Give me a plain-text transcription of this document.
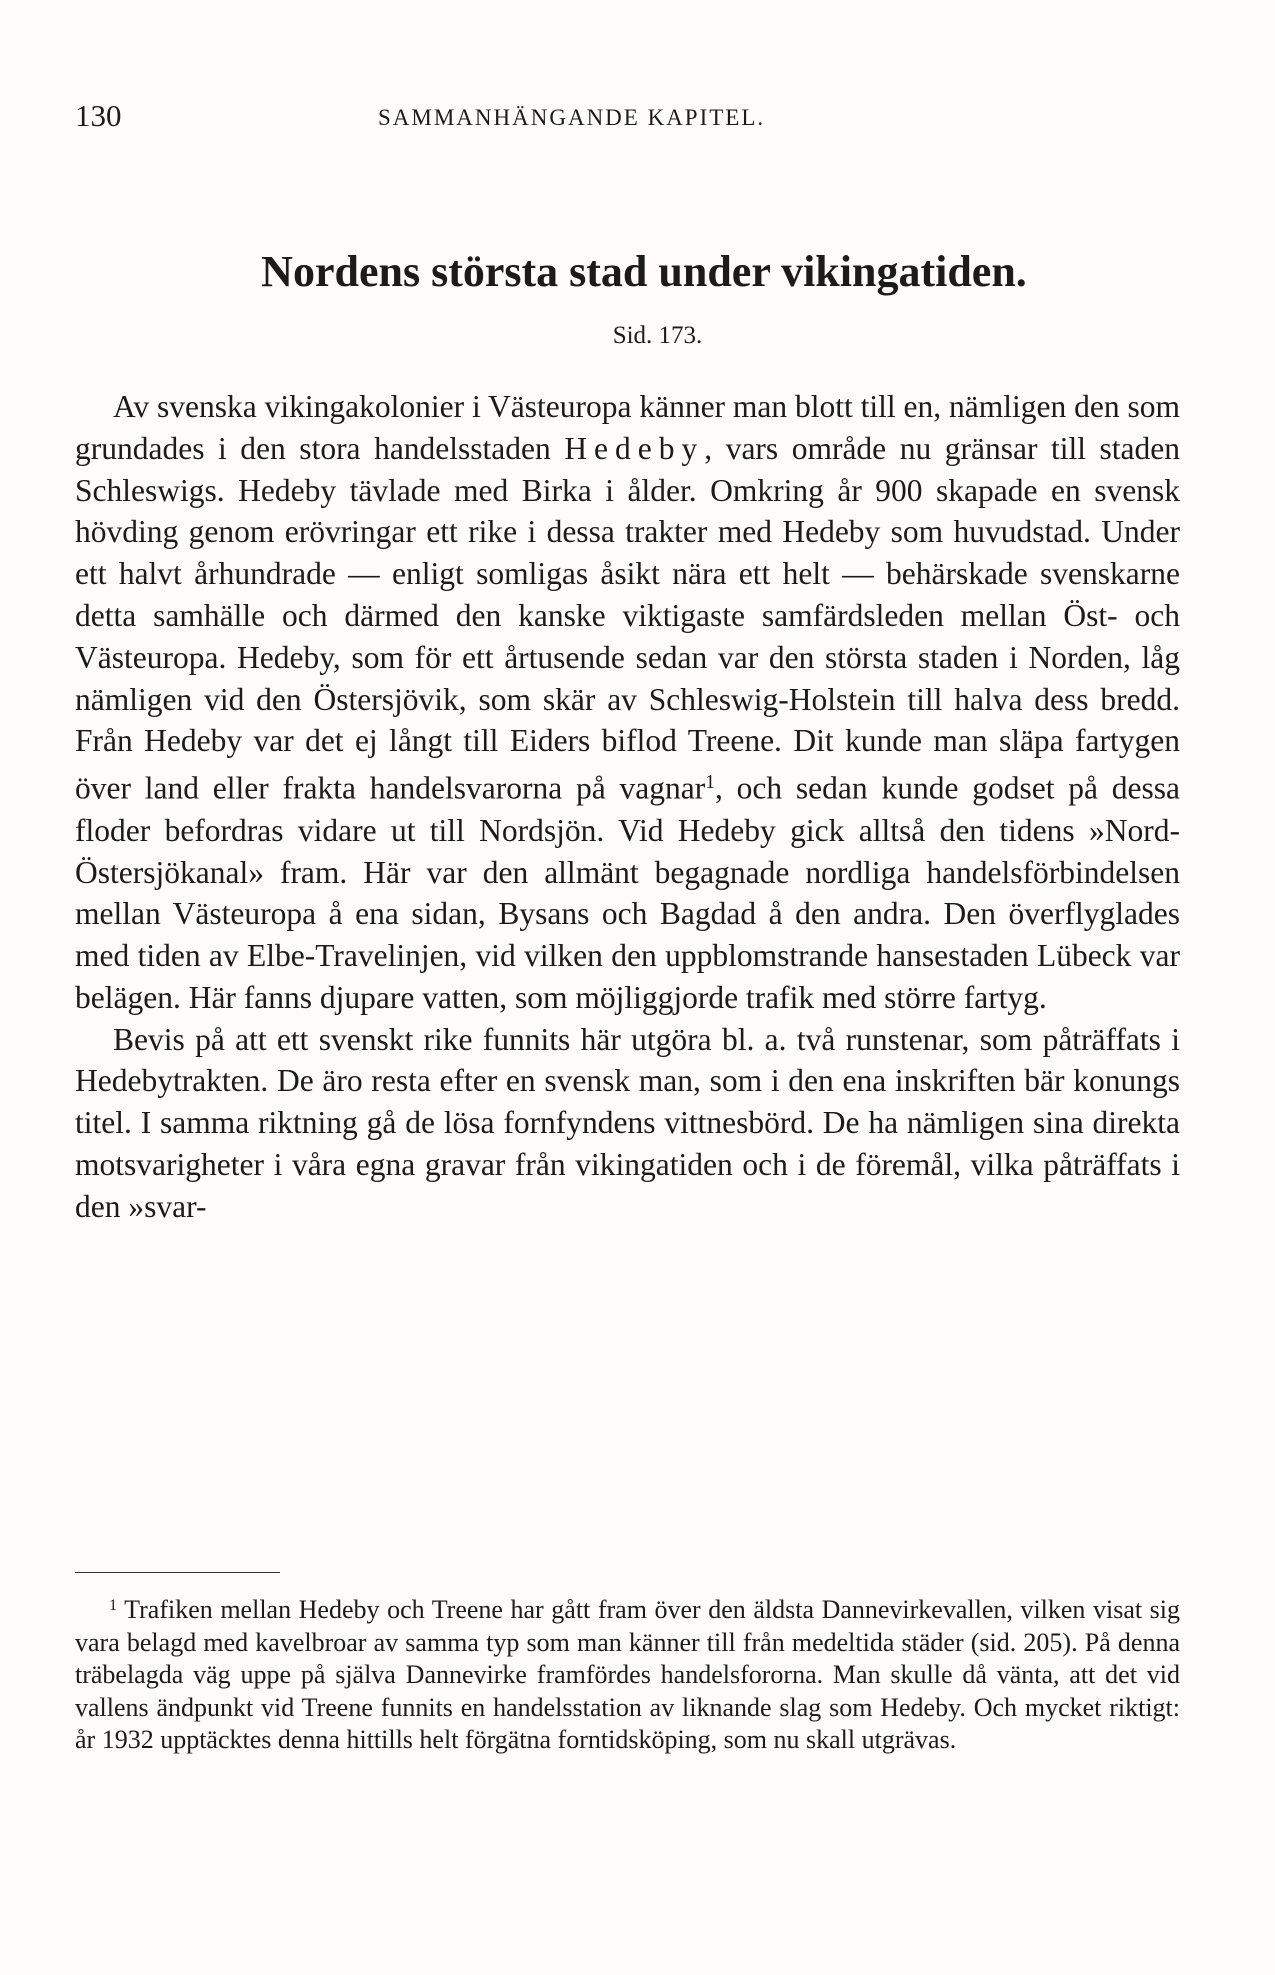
130	SAMMANHÄNGANDE KAPITEL.
Nordens största stad under vikingatiden.
Sid. 173.

Av svenska vikingakolonier i Västeuropa känner man blott till en, nämligen den som grundades i den stora handelsstaden Hedeby, vars område nu gränsar till staden Schleswigs. Hedeby tävlade med Birka i ålder. Omkring år 900 skapade en svensk hövding genom erövringar ett rike i dessa trakter med Hedeby som huvudstad. Under ett halvt århundrade — enligt somligas åsikt nära ett helt — behärskade svenskarne detta samhälle och därmed den kanske viktigaste samfärdsleden mellan Öst- och Västeuropa. Hedeby, som för ett årtusende sedan var den största staden i Norden, låg nämligen vid den Östersjövik, som skär av Schleswig-Holstein till halva dess bredd. Från Hedeby var det ej långt till Eiders biflod Treene. Dit kunde man släpa fartygen över land eller frakta handelsvarorna på vagnar$^1$, och sedan kunde godset på dessa floder befordras vidare ut till Nordsjön. Vid Hedeby gick alltså den tidens »Nord-Östersjökanal» fram. Här var den allmänt begagnade nordliga handelsförbindelsen mellan Västeuropa å ena sidan, Bysans och Bagdad å den andra. Den överflyglades med tiden av Elbe-Travelinjen, vid vilken den uppblomstrande hansestaden Lübeck var belägen. Här fanns djupare vatten, som möjliggjorde trafik med större fartyg.

Bevis på att ett svenskt rike funnits här utgöra bl. a. två runstenar, som påträffats i Hedebytrakten. De äro resta efter en svensk man, som i den ena inskriften bär konungs titel. I samma riktning gå de lösa fornfyndens vittnesbörd. De ha nämligen sina direkta motsvarigheter i våra egna gravar från vikingatiden och i de föremål, vilka påträffats i den »svar-

$^1$ Trafiken mellan Hedeby och Treene har gått fram över den äldsta Dannevirkevallen, vilken visat sig vara belagd med kavelbroar av samma typ som man känner till från medeltida städer (sid. 205). På denna träbelagda väg uppe på själva Dannevirke framfördes handelsfororna. Man skulle då vänta, att det vid vallens ändpunkt vid Treene funnits en handelsstation av liknande slag som Hedeby. Och mycket riktigt: år 1932 upptäcktes denna hittills helt förgätna forntidsköping, som nu skall utgrävas.
